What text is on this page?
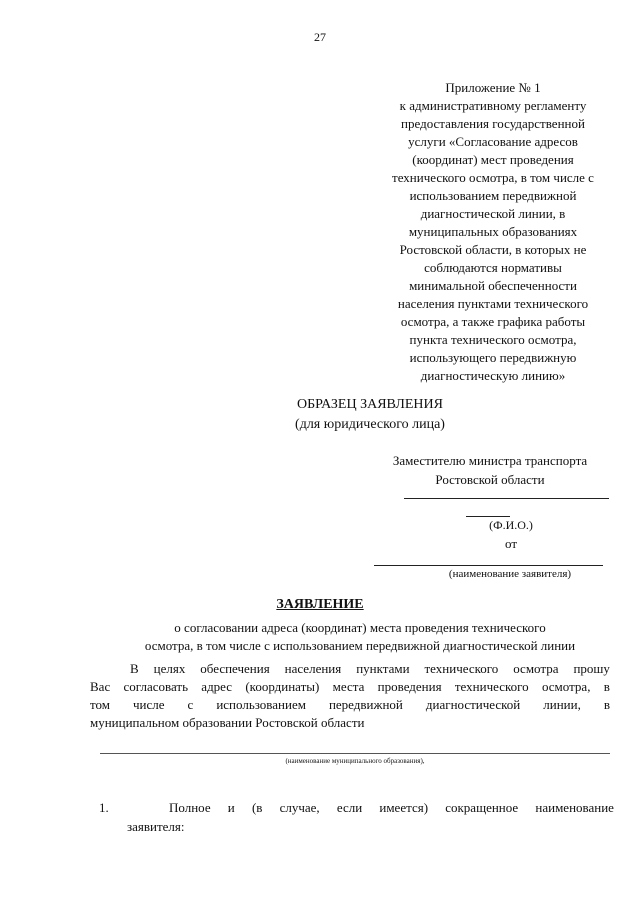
27
Приложение № 1
к административному регламенту
предоставления государственной
услуги «Согласование адресов
(координат) мест проведения
технического осмотра, в том числе с
использованием передвижной
диагностической линии, в
муниципальных образованиях
Ростовской области, в которых не
соблюдаются нормативы
минимальной обеспеченности
населения пунктами технического
осмотра, а также графика работы
пункта технического осмотра,
использующего передвижную
диагностическую линию»
ОБРАЗЕЦ ЗАЯВЛЕНИЯ
(для юридического лица)
Заместителю министра транспорта
Ростовской области
(Ф.И.О.)
от
(наименование заявителя)
ЗАЯВЛЕНИЕ
о согласовании адреса (координат) места проведения технического
осмотра, в том числе с использованием передвижной диагностической линии
В целях обеспечения населения пунктами технического осмотра прошу
Вас согласовать адрес (координаты) места проведения технического осмотра, в
том числе с использованием передвижной диагностической линии, в
муниципальном образовании Ростовской области
(наименование муниципального образования),
1.	Полное и (в случае, если имеется) сокращенное наименование
заявителя:
